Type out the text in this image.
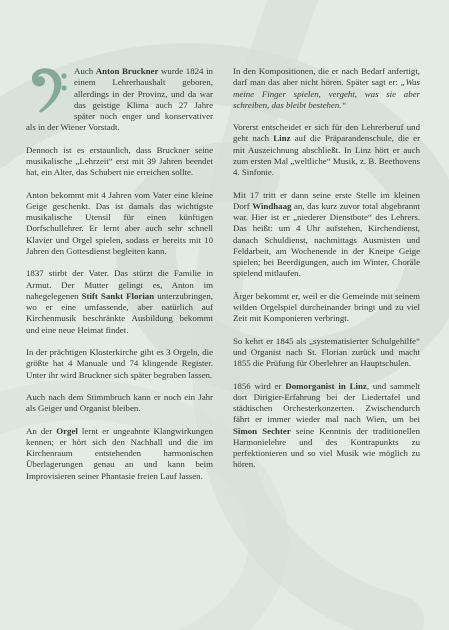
Auch Anton Bruckner wurde 1824 in einem Lehrerhaushalt geboren, allerdings in der Provinz, und da war das geistige Klima auch 27 Jahre später noch enger und konservativer als in der Wiener Vorstadt.

Dennoch ist es erstaunlich, dass Bruckner seine musikalische „Lehrzeit“ erst mit 39 Jahren beendet hat, ein Alter, das Schubert nie erreichen sollte.

Anton bekommt mit 4 Jahren vom Vater eine kleine Geige geschenkt. Das ist damals das wichtigste musikalische Utensil für einen künftigen Dorfschullehrer. Er lernt aber auch sehr schnell Klavier und Orgel spielen, sodass er bereits mit 10 Jahren den Gottesdienst begleiten kann.

1837 stirbt der Vater. Das stürzt die Familie in Armut. Der Mutter gelingt es, Anton im nahegelegenen Stift Sankt Florian unterzubringen, wo er eine umfassende, aber natürlich auf Kirchenmusik beschränkte Ausbildung bekommt und eine neue Heimat findet.

In der prächtigen Klosterkirche gibt es 3 Orgeln, die größte hat 4 Manuale und 74 klingende Register. Unter ihr wird Bruckner sich später begraben lassen.

Auch nach dem Stimmbruch kann er noch ein Jahr als Geiger und Organist bleiben.

An der Orgel lernt er ungeahnte Klangwirkungen kennen; er hört sich den Nachhall und die im Kirchenraum entstehenden harmonischen Überlagerungen genau an und kann beim Improvisieren seiner Phantasie freien Lauf lassen.

In den Kompositionen, die er nach Bedarf anfertigt, darf man das aber nicht hören. Später sagt er: „Was meine Finger spielen, vergeht, was sie aber schreiben, das bleibt bestehen.“

Vorerst entscheidet er sich für den Lehrerberuf und geht nach Linz auf die Präparandenschule, die er mit Auszeichnung abschließt. In Linz hört er auch zum ersten Mal „weltliche“ Musik, z. B. Beethovens 4. Sinfonie.

Mit 17 tritt er dann seine erste Stelle im kleinen Dorf Windhaag an, das kurz zuvor total abgebrannt war. Hier ist er „niederer Dienstbote“ des Lehrers. Das heißt: um 4 Uhr aufstehen, Kirchendienst, danach Schuldienst, nachmittags Ausmisten und Feldarbeit, am Wochenende in der Kneipe Geige spielen; bei Beerdigungen, auch im Winter, Choräle spielend mitlaufen.

Ärger bekommt er, weil er die Gemeinde mit seinem wilden Orgelspiel durcheinander bringt und zu viel Zeit mit Komponieren verbringt.

So kehrt er 1845 als „systematisierter Schulgehilfe“ und Organist nach St. Florian zurück und macht 1855 die Prüfung für Oberlehrer an Hauptschulen.

1856 wird er Domorganist in Linz, und sammelt dort Dirigier-Erfahrung bei der Liedertafel und städtischen Orchesterkonzerten. Zwischendurch fährt er immer wieder mal nach Wien, um bei Simon Sechter seine Kenntnis der traditionellen Harmonielehre und des Kontrapunkts zu perfektionieren und so viel Musik wie möglich zu hören.
